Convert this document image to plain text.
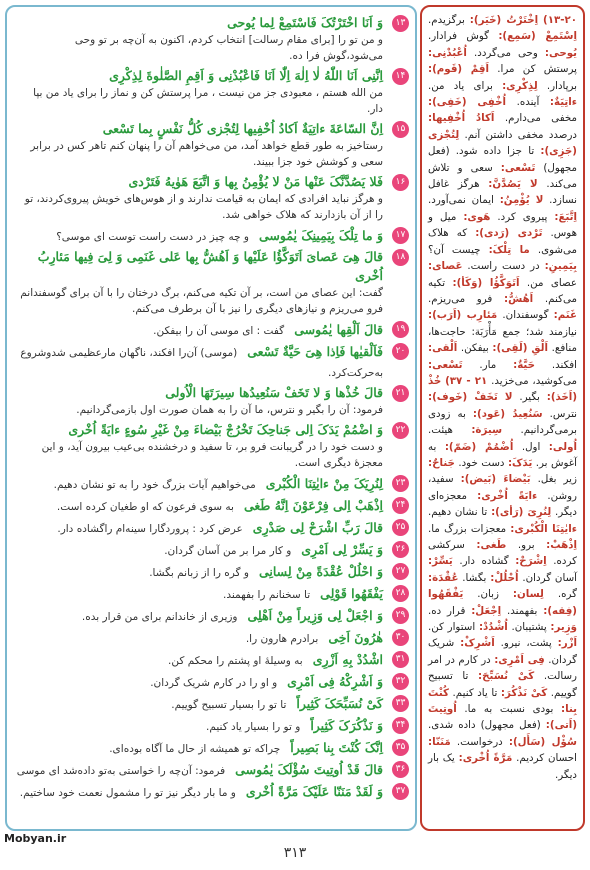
۱۳
وَ اَنَا اخْتَرْتُکَ فَاسْتَمِعْ لِما یُوحی
و من تو را [برای مقام رسالت] انتخاب کردم، اکنون به آن‌چه بر تو وحی می‌شود،گوش فرا ده.
۱۴
اِنَّنِی اَنَا اللّٰهُ لٰا اِلٰهَ اِلّٰا اَنَا فَاعْبُدْنِی وَ اَقِمِ الصَّلٰوةَ لِذِکْرِی
من الله هستم ، معبودی جز من نیست ، مرا پرستش کن و نماز را برای یاد من بپا دار.
۱۵
اِنَّ السّاعَةَ ءاتِیَةٌ اَکادُ اُخْفِیها لِتُجْزی کُلُّ نَفْسٍ بِما تَسْعی
رستاخیز به طور قطع خواهد آمد، من می‌خواهم آن را پنهان کنم تاهر کس در برابر سعی و کوشش خود جزا ببیند.
۱۶
فَلا یَصُدَّنَّکَ عَنْها مَنْ لا یُؤْمِنُ بِها وَ اتَّبَعَ هَوٰیهُ فَتَرْدی
و هرگز نباید افرادی که ایمان به قیامت ندارند و از هوس‌های خویش پیروی‌کردند، تو را از آن بازدارند که هلاک خواهی شد.
۱۷
وَ ما تِلْکَ بِیَمِینِکَ یٰمُوسیو چه چیز در دست راست توست ای موسی؟
۱۸
قالَ هِیَ عَصایَ اَتَوَکَّؤُا عَلَیْها وَ اَهُشُّ بِها عَلی غَنَمِی وَ لِیَ فِیها مَئارِبُ اُخْری
گفت: این عصای من است، بر آن تکیه می‌کنم، برگ درختان را با آن برای گوسفندانم فرو می‌ریزم و نیازهای دیگری را نیز با آن برطرف می‌کنم.
۱۹
قالَ اَلْقِها یٰمُوسیگفت : ای موسی آن را بیفکن.
۲۰
فَاَلْقیٰها فَاِذا هِیَ حَیَّةٌ تَسْعی(موسی) آن‌را افکند، ناگهان مارعظیمی شدوشروع به‌حرکت‌کرد.
۲۱
قالَ خُذْها وَ لا تَخَفْ سَنُعِیدُها سِیرَتَهَا الْاُولی
فرمود: آن را بگیر و نترس، ما آن را به همان صورت اول بازمی‌گردانیم.
۲۲
وَ اضْمُمْ یَدَکَ اِلی جَناحِکَ تَخْرُجْ بَیْضاءَ مِنْ غَیْرِ سُوءٍ ءایَةً اُخْری
و دست خود را در گریبانت فرو بر، تا سفید و درخشنده بی‌عیب بیرون آید، و این معجزهٔ دیگری است.
۲۳
لِنُرِیَکَ مِنْ ءایٰتِنَا الْکُبْریمی‌خواهیم آیات بزرگ خود را به تو نشان دهیم.
۲۴
اِذْهَبْ اِلی فِرْعَوْنَ اِنَّهُ طَغیبه سوی فرعون که او طغیان کرده است.
۲۵
قالَ رَبِّ اشْرَحْ لِی صَدْرِیعرض کرد : پروردگارا سینه‌ام راگشاده دار.
۲۶
وَ یَسِّرْ لِی اَمْرِیو کار مرا بر من آسان گردان.
۲۷
وَ احْلُلْ عُقْدَةً مِنْ لِسانِیو گره را از زبانم بگشا.
۲۸
یَفْقَهُوا قَوْلِیتا سخنانم را بفهمند.
۲۹
وَ اجْعَلْ لِی وَزِیراً مِنْ اَهْلِیوزیری از خاندانم برای من قرار بده.
۳۰
هٰرُونَ اَخِیبرادرم هارون را.
۳۱
اشْدُدْ بِهِ اَزْرِیبه وسیلهٔ او پشتم را محکم کن.
۳۲
وَ اَشْرِکْهُ فِی اَمْرِیو او را در کارم شریک گردان.
۳۳
کَیْ نُسَبِّحَکَ کَثِیراًتا تو را بسیار تسبیح گوییم.
۳۴
وَ نَذْکُرَکَ کَثِیراًو تو را بسیار یاد کنیم.
۳۵
اِنَّکَ کُنْتَ بِنا بَصِیراًچراکه تو همیشه از حال ما آگاه بوده‌ای.
۳۶
قالَ قَدْ اُوتِیتَ سُؤْلَکَ یٰمُوسیفرمود: آن‌چه را خواستی به‌تو داده‌شد ای موسی
۳۷
وَ لَقَدْ مَنَنّا عَلَیْکَ مَرَّةً اُخْریو ما بار دیگر نیز تو را مشمول نعمت خود ساختیم.
۱۳-۲۰) اِخْتَرْتُ (خَیَر): برگزیدم. اِسْتَمِعْ (سَمِع): گوش فرادار. یُوحی: وحی می‌گردد. اُعْبُدْنِی: پرستش کن مرا. اَقِمْ (قَوم): برپادار. لِذِکْرِی: برای یاد من. ءاتِیَةٌ: آینده. اُخْفِی (خَفِی): مخفی می‌دارم. اَکادُ اُخْفِیها: درصدد مخفی داشتن آنم. لِتُجْزی (جَزِی): تا جزا داده شود. (فعل مجهول) تَسْعی: سعی و تلاش می‌کند. لا یَصُدَّنَّ: هرگز غافل نسازد. لا یُؤْمِنُ: ایمان نمی‌آورد. اِتَّبَعَ: پیروی کرد. هَوی: میل و هوس. تَرْدی (رَدی): که هلاک می‌شوی. ما تِلْکَ: چیست آن؟ بِیَمِینِ: در دست راست. عَصای: عصای من. اَتَوَکَّؤُا (وَکَأ): تکیه می‌کنم. اَهُشُّ: فرو می‌ریزم. غَنَم: گوسفندان. مَئارِب (اَرَب): نیازمند شد؛ جمع مَأْرَبَة: حاجت‌ها، منافع. اَلْقِ (لَقِی): بیفکن. اَلْقی: افکند. حَیَّةٌ: مار. تَسْعی: می‌کوشید، می‌خزید. ۲۱ - ۳۷) خُذْ (اَخَذ): بگیر. لا تَخَفْ (خَوف): نترس. سَنُعِیدُ (عَود): به زودی برمی‌گردانیم. سِیرَة: هیئت. اُولی: اول. اُضْمُمْ (ضَمّ): به آغوش بر. یَدَکَ: دست خود. جَناحٌ: زیر بغل. بَیْضاءَ (بَیض): سفید، روشن. ءایَةً اُخْری: معجزه‌ای دیگر. لِنُرِیَ (رَأی): تا نشان دهیم. ءایٰتِنَا الْکُبْری: معجزات بزرگ ما. اِذْهَبْ: برو. طَغی: سرکشی کرده. اِشْرَحْ: گشاده دار. یَسِّرْ: آسان گردان. اُحْلُلْ: بگشا. عُقْدَة: گره. لِسان: زبان. یَفْقَهُوا (فِقه): بفهمند. اِجْعَلْ: قرار ده. وَزِیر: پشتیبان. اُشْدُدْ: استوار کن. اَزْر: پشت، نیرو. اَشْرِکْ: شریک گردان. فِی اَمْرِی: در کارم در امر رسالت. کَیْ نُسَبِّحَ: تا تسبیح گوییم. کَیْ نَذْکُرَ: تا یاد کنیم. کُنْتَ بِنا: بودی نسبت به ما. اُوتِیتَ (اَتی): (فعل مجهول) داده شدی. سُؤْل (سَأَل): درخواست. مَنَنّا: احسان کردیم. مَرَّةً اُخْری: یک بار دیگر.
Mobyan.ir
۳۱۳
